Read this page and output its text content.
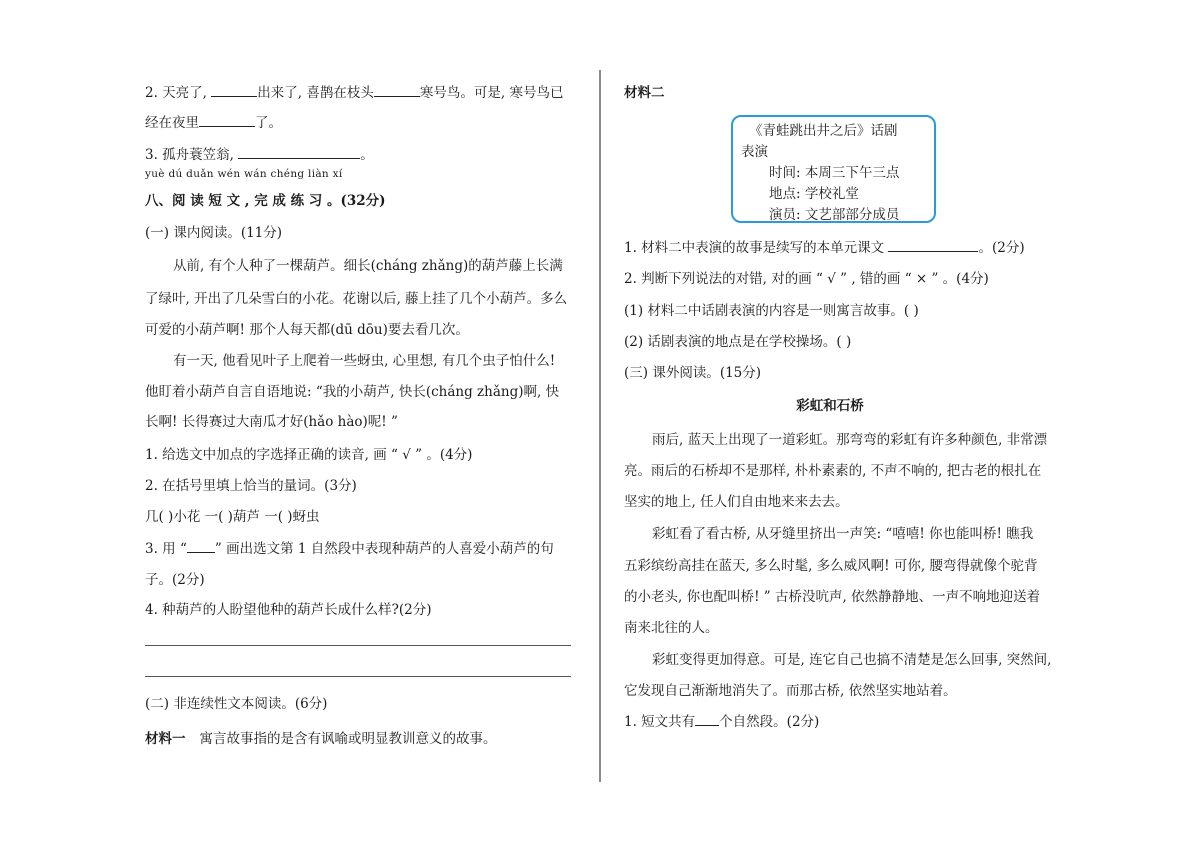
2. 天亮了,	出来了, 喜鹊在枝头	寒号鸟。可是, 寒号鸟已
经在夜里	了。
3. 孤舟蓑笠翁,	。
yuè dú duǎn wén wán chéng liàn xí
八、阅 读 短 文 , 完 成 练 习 。(32分)
(一) 课内阅读。(11分)
从前, 有个人种了一棵葫芦。细长(cháng zhǎng)的葫芦藤上长满
了绿叶, 开出了几朵雪白的小花。花谢以后, 藤上挂了几个小葫芦。多么
可爱的小葫芦啊! 那个人每天都(dū dōu)要去看几次。
有一天, 他看见叶子上爬着一些蚜虫, 心里想, 有几个虫子怕什么!
他盯着小葫芦自言自语地说: “我的小葫芦, 快长(cháng zhǎng)啊, 快
长啊! 长得赛过大南瓜才好(hǎo hào)呢! ”
1. 给选文中加点的字选择正确的读音, 画 “ √ ” 。(4分)
2. 在括号里填上恰当的量词。(3分)
几( )小花 一( )葫芦 一( )蚜虫
3. 用 “ ” 画出选文第 1 自然段中表现种葫芦的人喜爱小葫芦的句
子。(2分)
4. 种葫芦的人盼望他种的葫芦长成什么样?(2分)
(二) 非连续性文本阅读。(6分)
材料一 寓言故事指的是含有讽喻或明显教训意义的故事。
材料二
《青蛙跳出井之后》话剧
表演
时间: 本周三下午三点
地点: 学校礼堂
演员: 文艺部部分成员
1. 材料二中表演的故事是续写的本单元课文	。(2分)
2. 判断下列说法的对错, 对的画 “ √ ” , 错的画 “ × ” 。(4分)
(1) 材料二中话剧表演的内容是一则寓言故事。( )
(2) 话剧表演的地点是在学校操场。( )
(三) 课外阅读。(15分)
彩虹和石桥
雨后, 蓝天上出现了一道彩虹。那弯弯的彩虹有许多种颜色, 非常漂
亮。雨后的石桥却不是那样, 朴朴素素的, 不声不响的, 把古老的根扎在
坚实的地上, 任人们自由地来来去去。
彩虹看了看古桥, 从牙缝里挤出一声笑: “嘻嘻! 你也能叫桥! 瞧我
五彩缤纷高挂在蓝天, 多么时髦, 多么威风啊! 可你, 腰弯得就像个驼背
的小老头, 你也配叫桥! ” 古桥没吭声, 依然静静地、一声不响地迎送着
南来北往的人。
彩虹变得更加得意。可是, 连它自己也搞不清楚是怎么回事, 突然间,
它发现自己渐渐地消失了。而那古桥, 依然坚实地站着。
1. 短文共有 个自然段。(2分)
